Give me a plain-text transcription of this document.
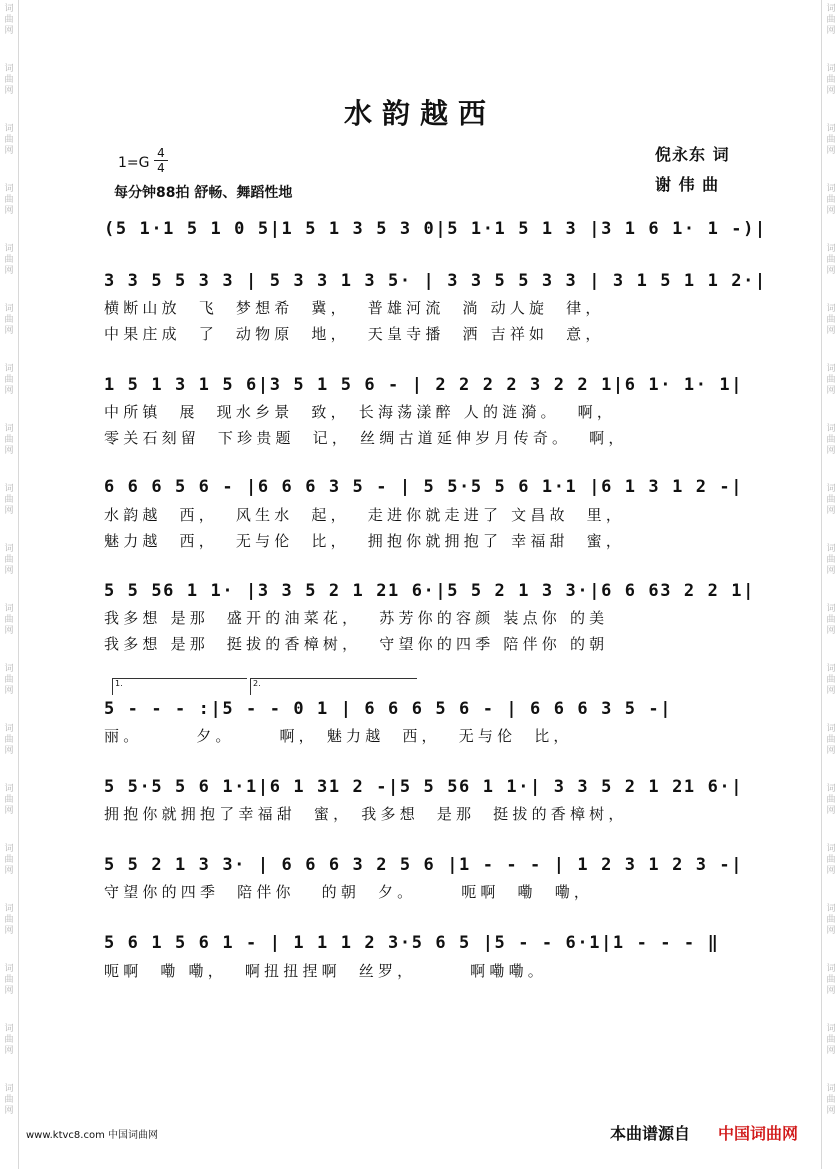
词
曲
网
词
曲
网
词
曲
网
词
曲
网
词
曲
网
词
曲
网
词
曲
网
词
曲
网
词
曲
网
词
曲
网
词
曲
网
词
曲
网
词
曲
网
词
曲
网
词
曲
网
词
曲
网
词
曲
网
词
曲
网
词
曲
网
词
曲
网
词
曲
网
词
曲
网
词
曲
网
词
曲
网
词
曲
网
词
曲
网
词
曲
网
词
曲
网
词
曲
网
词
曲
网
词
曲
网
词
曲
网
词
曲
网
词
曲
网
词
曲
网
词
曲
网
词
曲
网
词
曲
网
水韵越西
1=G
4
4
每分钟88拍 舒畅、舞蹈性地
倪永东 词
谢 伟 曲
(5 1·1 5 1 0 5|1 5 1 3 5 3 0|5 1·1 5 1 3 |3 1 6 1· 1 -)|
3 3 5 5 3 3 | 5 3 3 1 3 5· | 3 3 5 5 3 3 | 3 1 5 1 1 2·|
横断山放  飞  梦想希  冀，  普雄河流  淌 动人旋  律，
中果庄成  了  动物原  地，  天皇寺播  洒 吉祥如  意，
1 5 1 3 1 5 6|3 5 1 5 6 - | 2 2 2 2 3 2 2 1|6 1· 1· 1|
中所镇  展  现水乡景  致， 长海荡漾醉 人的涟漪。  啊，
零关石刻留  下珍贵题  记， 丝绸古道延伸岁月传奇。  啊，
6 6 6 5 6 - |6 6 6 3 5 - | 5 5·5 5 6 1·1 |6 1 3 1 2 -|
水韵越  西，  风生水  起，  走进你就走进了 文昌故  里，
魅力越  西，  无与伦  比，  拥抱你就拥抱了 幸福甜  蜜，
5 5 56 1 1· |3 3 5 2 1 21 6·|5 5 2 1 3 3·|6 6 63 2 2 1|
我多想 是那  盛开的油菜花，  苏芳你的容颜 装点你 的美
我多想 是那  挺拔的香樟树，  守望你的四季 陪伴你 的朝
1.	2.
5 - - - :|5 - - 0 1 | 6 6 6 5 6 - | 6 6 6 3 5 -|
丽。      夕。     啊， 魅力越  西，  无与伦  比，
5 5·5 5 6 1·1|6 1 31 2 -|5 5 56 1 1·| 3 3 5 2 1 21 6·|
拥抱你就拥抱了幸福甜  蜜， 我多想  是那  挺拔的香樟树，
5 5 2 1 3 3· | 6 6 6 3 2 5 6 |1 - - - | 1 2 3 1 2 3 -|
守望你的四季  陪伴你   的朝  夕。     呃啊  嘞  嘞，
5 6 1 5 6 1 - | 1 1 1 2 3·5 6 5 |5 - - 6·1|1 - - - ‖
呃啊  嘞 嘞，  啊扭扭捏啊  丝罗，      啊嘞嘞。
www.ktvc8.com 中国词曲网	本曲谱源自 中国词曲网
